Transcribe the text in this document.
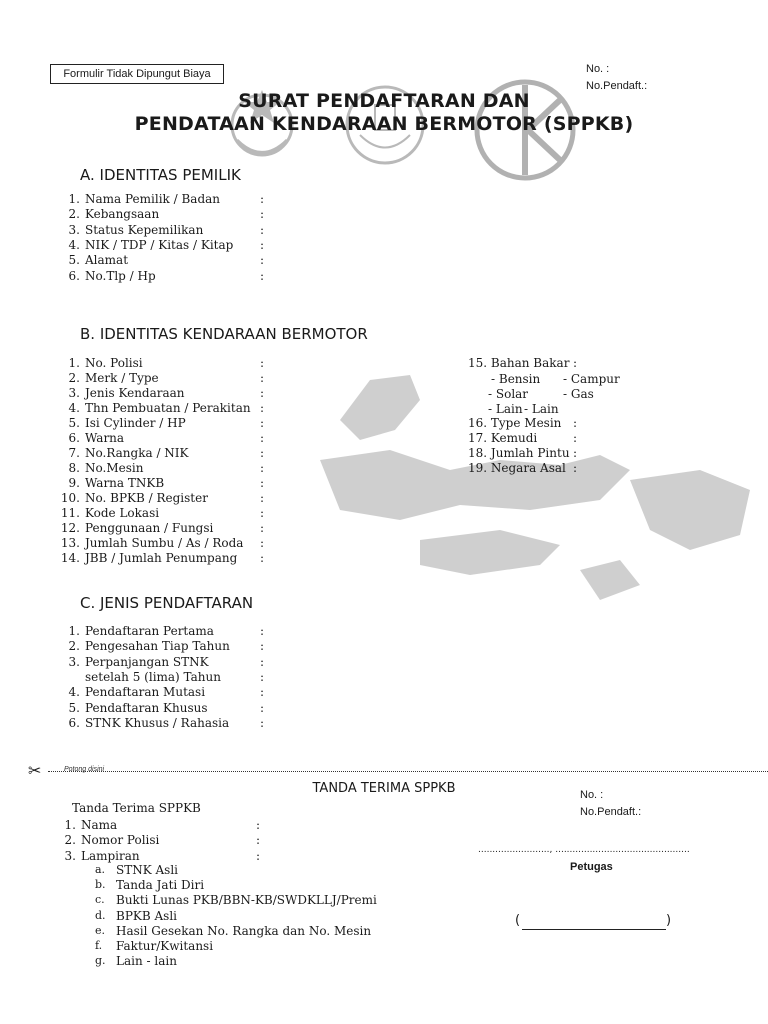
Formulir Tidak Dipungut Biaya	No. :
No.Pendaft.:
SURAT PENDAFTARAN DAN
PENDATAAN KENDARAAN BERMOTOR (SPPKB)
A. IDENTITAS PEMILIK
1. Nama Pemilik / Badan	:
2. Kebangsaan	:
3. Status Kepemilikan	:
4. NIK / TDP / Kitas / Kitap :
5. Alamat	:
6. No.Tlp / Hp	:
B. IDENTITAS KENDARAAN BERMOTOR
1. No. Polisi	:
2. Merk / Type	:
3. Jenis Kendaraan	:
4. Thn Pembuatan / Perakitan :
5. Isi Cylinder / HP	:
6. Warna	:
7. No.Rangka / NIK	:
8. No.Mesin	:
9. Warna TNKB	:
10. No. BPKB / Register	:
11. Kode Lokasi	:
12. Penggunaan / Fungsi	:
13. Jumlah Sumbu / As / Roda :
14. JBB / Jumlah Penumpang :
15. Bahan Bakar :
- Bensin - Campur
- Solar	- Gas
- Lain - Lain
16. Type Mesin :
17. Kemudi	:
18. Jumlah Pintu :
19. Negara Asal :
C. JENIS PENDAFTARAN
1. Pendaftaran Pertama	:
2. Pengesahan Tiap Tahun	:
3. Perpanjangan STNK	:
setelah 5 (lima) Tahun	:
4. Pendaftaran Mutasi	:
5. Pendaftaran Khusus	:
6. STNK Khusus / Rahasia	:
✂	Potong disini
TANDA TERIMA SPPKB	No. :
No.Pendaft.:
Tanda Terima SPPKB
1. Nama	:
2. Nomor Polisi	:
3. Lampiran	:
a. STNK Asli
b. Tanda Jati Diri
c. Bukti Lunas PKB/BBN-KB/SWDKLLJ/Premi
d. BPKB Asli
e. Hasil Gesekan No. Rangka dan No. Mesin
f.	Faktur/Kwitansi
g. Lain - lain
........................., ...............................................
Petugas
(	)
